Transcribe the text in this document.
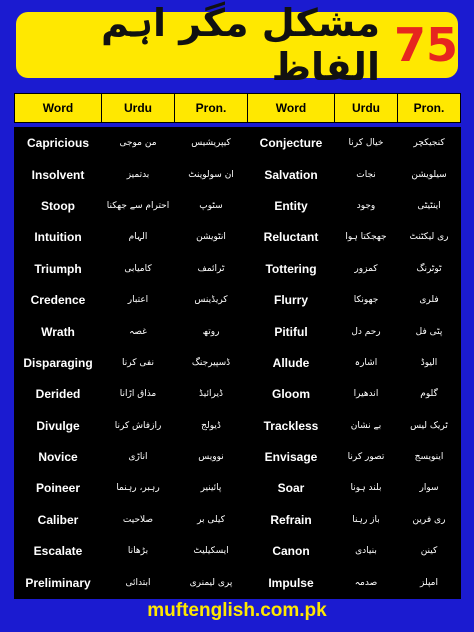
75
مشکل مگر اہم الفاظ
Word	Urdu	Pron.	Word	Urdu	Pron.

Capricious	من موجی	کیپریشیس	Conjecture	خیال کرنا	کنجیکچر
Insolvent	بدتمیز	ان سولوینٹ	Salvation	نجات	سیلویشن
Stoop	احترام سے جھکنا	سٹوپ	Entity	وجود	اینٹیٹی
Intuition	الہام	انٹویشن	Reluctant	جھجکتا ہوا	ری لیکٹنٹ
Triumph	کامیابی	ٹرائمف	Tottering	کمزور	ٹوٹرنگ
Credence	اعتبار	کریڈینس	Flurry	جھونکا	فلری
Wrath	غصہ	روتھ	Pitiful	رحم دل	پٹی فل
Disparaging	نفی کرنا	ڈسپیرجنگ	Allude	اشارہ	الیوڈ
Derided	مذاق اڑانا	ڈیرائیڈ	Gloom	اندھیرا	گلوم
Divulge	رازفاش کرنا	ڈیولج	Trackless	بے نشان	ٹریک لیس
Novice	اناڑی	نوویس	Envisage	تصور کرنا	اینویسج
Poineer	رہبر، رہنما	پائینیر	Soar	بلند ہونا	سوار
Caliber	صلاحیت	کیلی بر	Refrain	باز رہنا	ری فرین
Escalate	بڑھانا	ایسکیلیٹ	Canon	بنیادی	کینن
Preliminary	ابتدائی	پری لیمنری	Impulse	صدمہ	امپلز
muftenglish.com.pk
